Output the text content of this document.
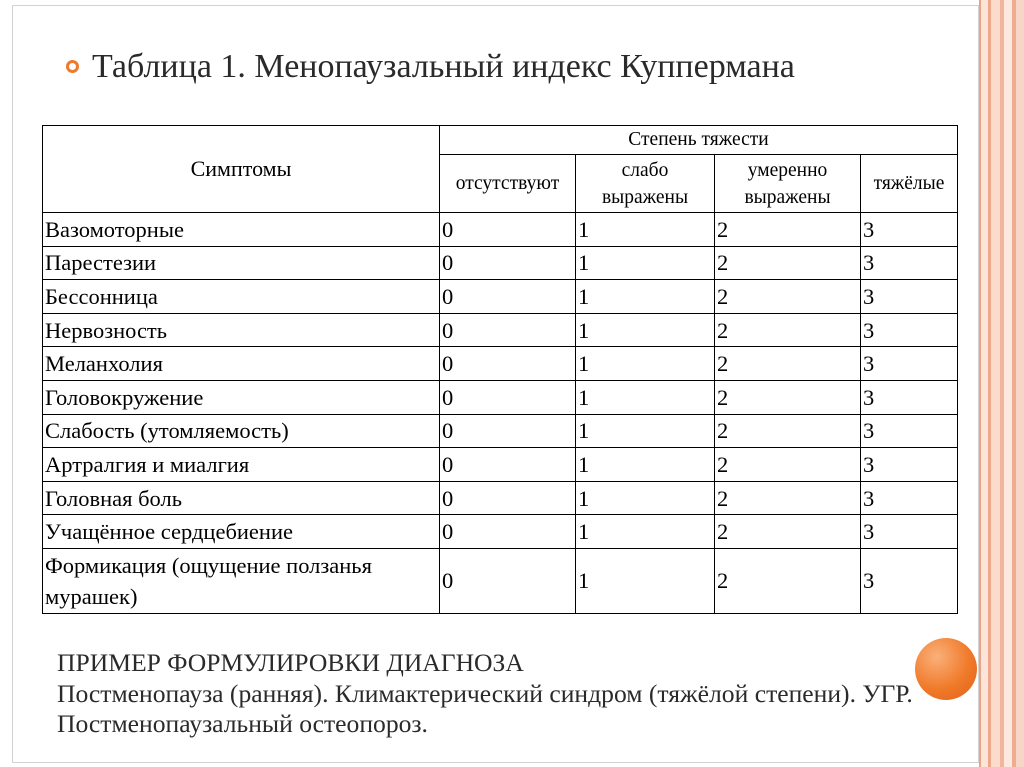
Таблица 1. Менопаузальный индекс Куппермана
Симптомы	Степень тяжести			
	отсутствуют	слабо выражены	умеренно выражены	тяжёлые
Вазомоторные	0	1	2	3
Парестезии	0	1	2	3
Бессонница	0	1	2	3
Нервозность	0	1	2	3
Меланхолия	0	1	2	3
Головокружение	0	1	2	3
Слабость (утомляемость)	0	1	2	3
Артралгия и миалгия	0	1	2	3
Головная боль	0	1	2	3
Учащённое сердцебиение	0	1	2	3
Формикация (ощущение ползанья мурашек)	0	1	2	3
ПРИМЕР ФОРМУЛИРОВКИ ДИАГНОЗА
Постменопауза (ранняя). Климактерический синдром (тяжёлой степени). УГР.
Постменопаузальный остеопороз.
